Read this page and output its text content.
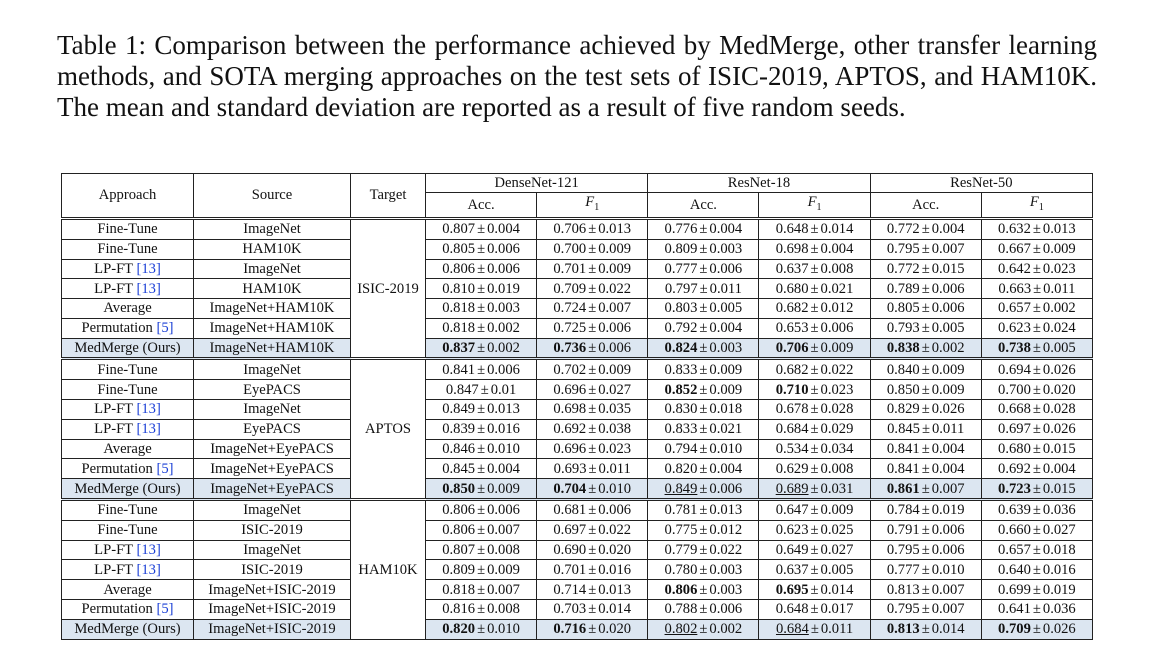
Table 1: Comparison between the performance achieved by MedMerge, other transfer learning methods, and SOTA merging approaches on the test sets of ISIC-2019, APTOS, and HAM10K. The mean and standard deviation are reported as a result of five random seeds.

Approach	Source	Target	DenseNet-121		ResNet-18		ResNet-50	
			Acc.	$F_1$	Acc.	$F_1$	Acc.	$F_1$
Fine-Tune	ImageNet	ISIC-2019	0.807 ± 0.004	0.706 ± 0.013	0.776 ± 0.004	0.648 ± 0.014	0.772 ± 0.004	0.632 ± 0.013
Fine-Tune	HAM10K		0.805 ± 0.006	0.700 ± 0.009	0.809 ± 0.003	0.698 ± 0.004	0.795 ± 0.007	0.667 ± 0.009
LP-FT [13]	ImageNet		0.806 ± 0.006	0.701 ± 0.009	0.777 ± 0.006	0.637 ± 0.008	0.772 ± 0.015	0.642 ± 0.023
LP-FT [13]	HAM10K		0.810 ± 0.019	0.709 ± 0.022	0.797 ± 0.011	0.680 ± 0.021	0.789 ± 0.006	0.663 ± 0.011
Average	ImageNet+HAM10K		0.818 ± 0.003	0.724 ± 0.007	0.803 ± 0.005	0.682 ± 0.012	0.805 ± 0.006	0.657 ± 0.002
Permutation [5]	ImageNet+HAM10K		0.818 ± 0.002	0.725 ± 0.006	0.792 ± 0.004	0.653 ± 0.006	0.793 ± 0.005	0.623 ± 0.024
MedMerge (Ours)	ImageNet+HAM10K		0.837 ± 0.002	0.736 ± 0.006	0.824 ± 0.003	0.706 ± 0.009	0.838 ± 0.002	0.738 ± 0.005
Fine-Tune	ImageNet	APTOS	0.841 ± 0.006	0.702 ± 0.009	0.833 ± 0.009	0.682 ± 0.022	0.840 ± 0.009	0.694 ± 0.026
Fine-Tune	EyePACS		0.847 ± 0.01	0.696 ± 0.027	0.852 ± 0.009	0.710 ± 0.023	0.850 ± 0.009	0.700 ± 0.020
LP-FT [13]	ImageNet		0.849 ± 0.013	0.698 ± 0.035	0.830 ± 0.018	0.678 ± 0.028	0.829 ± 0.026	0.668 ± 0.028
LP-FT [13]	EyePACS		0.839 ± 0.016	0.692 ± 0.038	0.833 ± 0.021	0.684 ± 0.029	0.845 ± 0.011	0.697 ± 0.026
Average	ImageNet+EyePACS		0.846 ± 0.010	0.696 ± 0.023	0.794 ± 0.010	0.534 ± 0.034	0.841 ± 0.004	0.680 ± 0.015
Permutation [5]	ImageNet+EyePACS		0.845 ± 0.004	0.693 ± 0.011	0.820 ± 0.004	0.629 ± 0.008	0.841 ± 0.004	0.692 ± 0.004
MedMerge (Ours)	ImageNet+EyePACS		0.850 ± 0.009	0.704 ± 0.010	0.849 ± 0.006	0.689 ± 0.031	0.861 ± 0.007	0.723 ± 0.015
Fine-Tune	ImageNet	HAM10K	0.806 ± 0.006	0.681 ± 0.006	0.781 ± 0.013	0.647 ± 0.009	0.784 ± 0.019	0.639 ± 0.036
Fine-Tune	ISIC-2019		0.806 ± 0.007	0.697 ± 0.022	0.775 ± 0.012	0.623 ± 0.025	0.791 ± 0.006	0.660 ± 0.027
LP-FT [13]	ImageNet		0.807 ± 0.008	0.690 ± 0.020	0.779 ± 0.022	0.649 ± 0.027	0.795 ± 0.006	0.657 ± 0.018
LP-FT [13]	ISIC-2019		0.809 ± 0.009	0.701 ± 0.016	0.780 ± 0.003	0.637 ± 0.005	0.777 ± 0.010	0.640 ± 0.016
Average	ImageNet+ISIC-2019		0.818 ± 0.007	0.714 ± 0.013	0.806 ± 0.003	0.695 ± 0.014	0.813 ± 0.007	0.699 ± 0.019
Permutation [5]	ImageNet+ISIC-2019		0.816 ± 0.008	0.703 ± 0.014	0.788 ± 0.006	0.648 ± 0.017	0.795 ± 0.007	0.641 ± 0.036
MedMerge (Ours)	ImageNet+ISIC-2019		0.820 ± 0.010	0.716 ± 0.020	0.802 ± 0.002	0.684 ± 0.011	0.813 ± 0.014	0.709 ± 0.026
